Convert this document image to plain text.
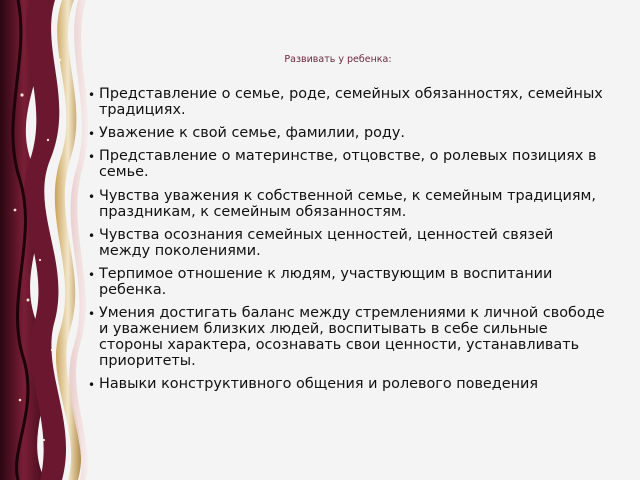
Развивать у ребенка:
• Представление о семье, роде, семейных обязанностях, семейных традициях.
• Уважение к свой семье, фамилии, роду.
• Представление о материнстве, отцовстве, о ролевых позициях в семье.
• Чувства уважения к собственной семье, к семейным традициям, праздникам, к семейным обязанностям.
• Чувства осознания семейных ценностей, ценностей связей между поколениями.
• Терпимое отношение к людям, участвующим в воспитании ребенка.
• Умения достигать баланс между стремлениями к личной свободе и уважением близких людей, воспитывать в себе сильные стороны характера, осознавать свои ценности, устанавливать приоритеты.
• Навыки конструктивного общения и ролевого поведения
